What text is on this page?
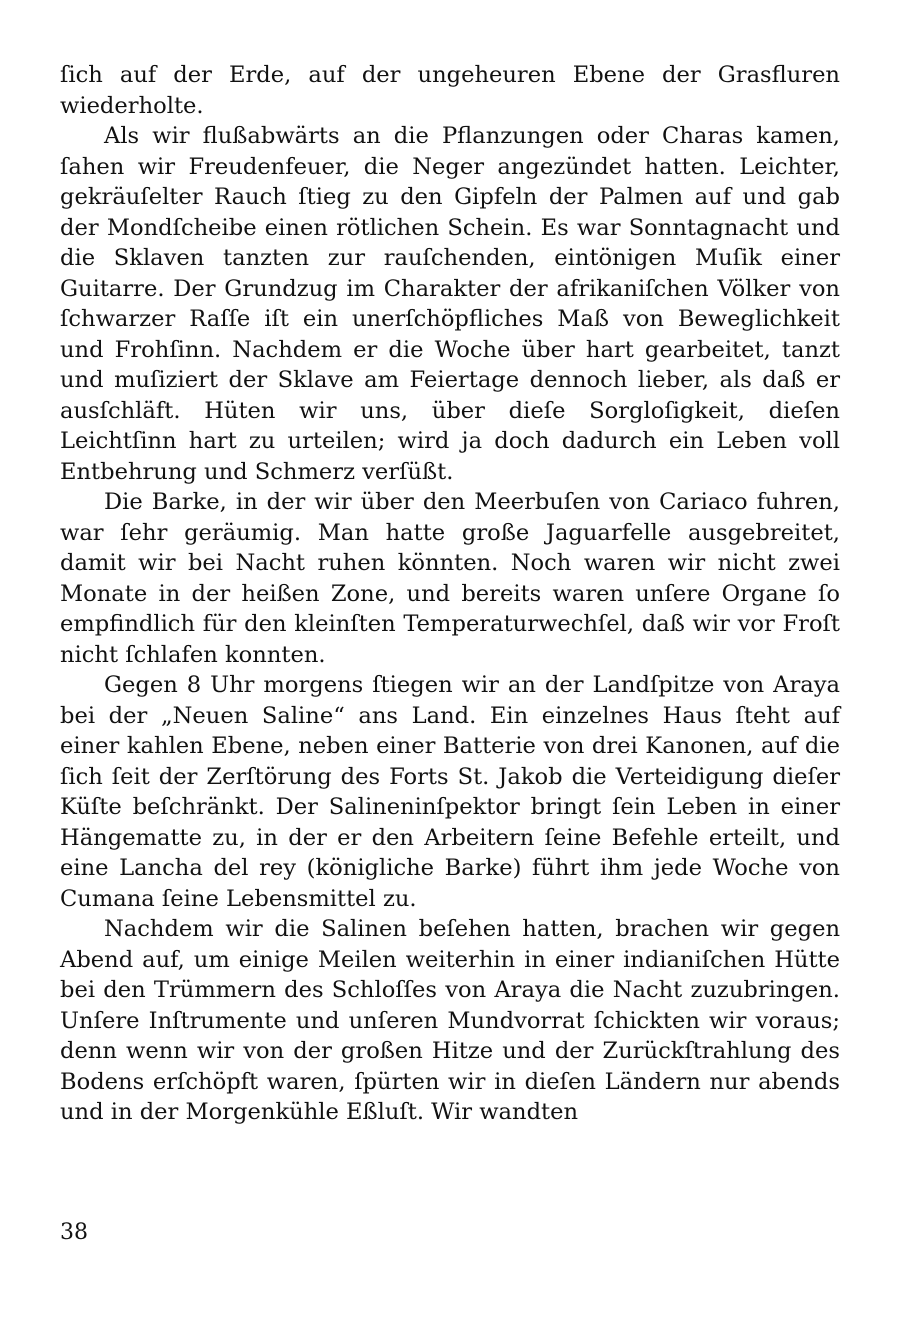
ſich auf der Erde, auf der ungeheuren Ebene der Grasfluren wiederholte.

Als wir flußabwärts an die Pflanzungen oder Charas kamen, ſahen wir Freudenfeuer, die Neger angezündet hatten. Leichter, gekräuſelter Rauch ſtieg zu den Gipfeln der Palmen auf und gab der Mondſcheibe einen rötlichen Schein. Es war Sonntagnacht und die Sklaven tanzten zur rauſchenden, eintönigen Muſik einer Guitarre. Der Grundzug im Charakter der afrikaniſchen Völker von ſchwarzer Raſſe iſt ein unerſchöpfliches Maß von Beweglichkeit und Frohſinn. Nachdem er die Woche über hart gearbeitet, tanzt und muſiziert der Sklave am Feiertage dennoch lieber, als daß er ausſchläft. Hüten wir uns, über dieſe Sorgloſigkeit, dieſen Leichtſinn hart zu urteilen; wird ja doch dadurch ein Leben voll Entbehrung und Schmerz verſüßt.

Die Barke, in der wir über den Meerbuſen von Cariaco fuhren, war ſehr geräumig. Man hatte große Jaguarfelle ausgebreitet, damit wir bei Nacht ruhen könnten. Noch waren wir nicht zwei Monate in der heißen Zone, und bereits waren unſere Organe ſo empfindlich für den kleinſten Temperaturwechſel, daß wir vor Froſt nicht ſchlafen konnten.

Gegen 8 Uhr morgens ſtiegen wir an der Landſpitze von Araya bei der „Neuen Saline“ ans Land. Ein einzelnes Haus ſteht auf einer kahlen Ebene, neben einer Batterie von drei Kanonen, auf die ſich ſeit der Zerſtörung des Forts St. Jakob die Verteidigung dieſer Küſte beſchränkt. Der Salineninſpektor bringt ſein Leben in einer Hängematte zu, in der er den Arbeitern ſeine Befehle erteilt, und eine Lancha del rey (königliche Barke) führt ihm jede Woche von Cumana ſeine Lebensmittel zu.

Nachdem wir die Salinen beſehen hatten, brachen wir gegen Abend auf, um einige Meilen weiterhin in einer indianiſchen Hütte bei den Trümmern des Schloſſes von Araya die Nacht zuzubringen. Unſere Inſtrumente und unſeren Mundvorrat ſchickten wir voraus; denn wenn wir von der großen Hitze und der Zurückſtrahlung des Bodens erſchöpft waren, ſpürten wir in dieſen Ländern nur abends und in der Morgenkühle Eßluſt. Wir wandten

38
